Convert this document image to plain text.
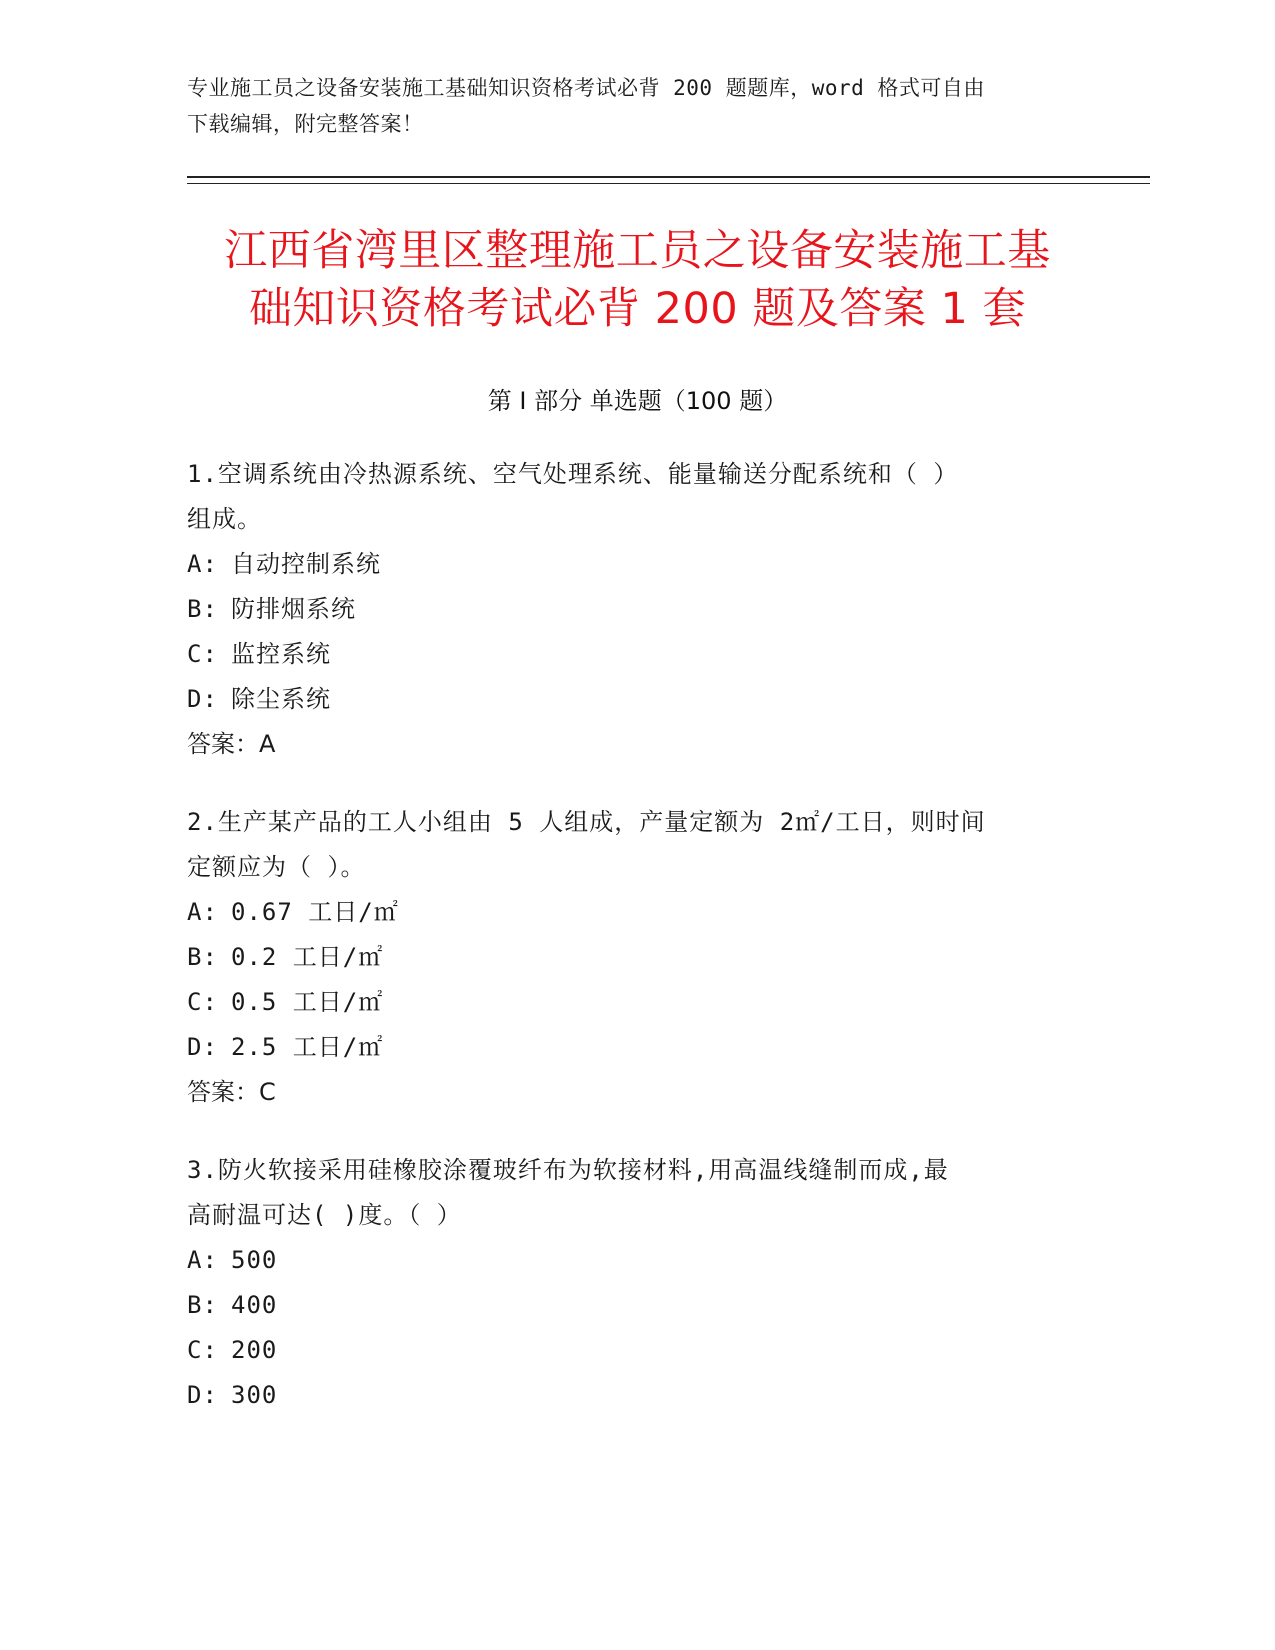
专业施工员之设备安装施工基础知识资格考试必背 200 题题库，word 格式可自由
下载编辑，附完整答案！
江西省湾里区整理施工员之设备安装施工基
础知识资格考试必背 200 题及答案 1 套
第 I 部分 单选题（100 题）

1.空调系统由冷热源系统、空气处理系统、能量输送分配系统和（ ）

组成。

A: 自动控制系统

B: 防排烟系统

C: 监控系统

D: 除尘系统

答案：A

2.生产某产品的工人小组由 5 人组成，产量定额为 2㎡/工日，则时间

定额应为（ ）。

A: 0.67 工日/㎡

B: 0.2 工日/㎡

C: 0.5 工日/㎡

D: 2.5 工日/㎡

答案：C

3.防火软接采用硅橡胶涂覆玻纤布为软接材料,用高温线缝制而成,最

高耐温可达( )度。（ ）

A: 500

B: 400

C: 200

D: 300
